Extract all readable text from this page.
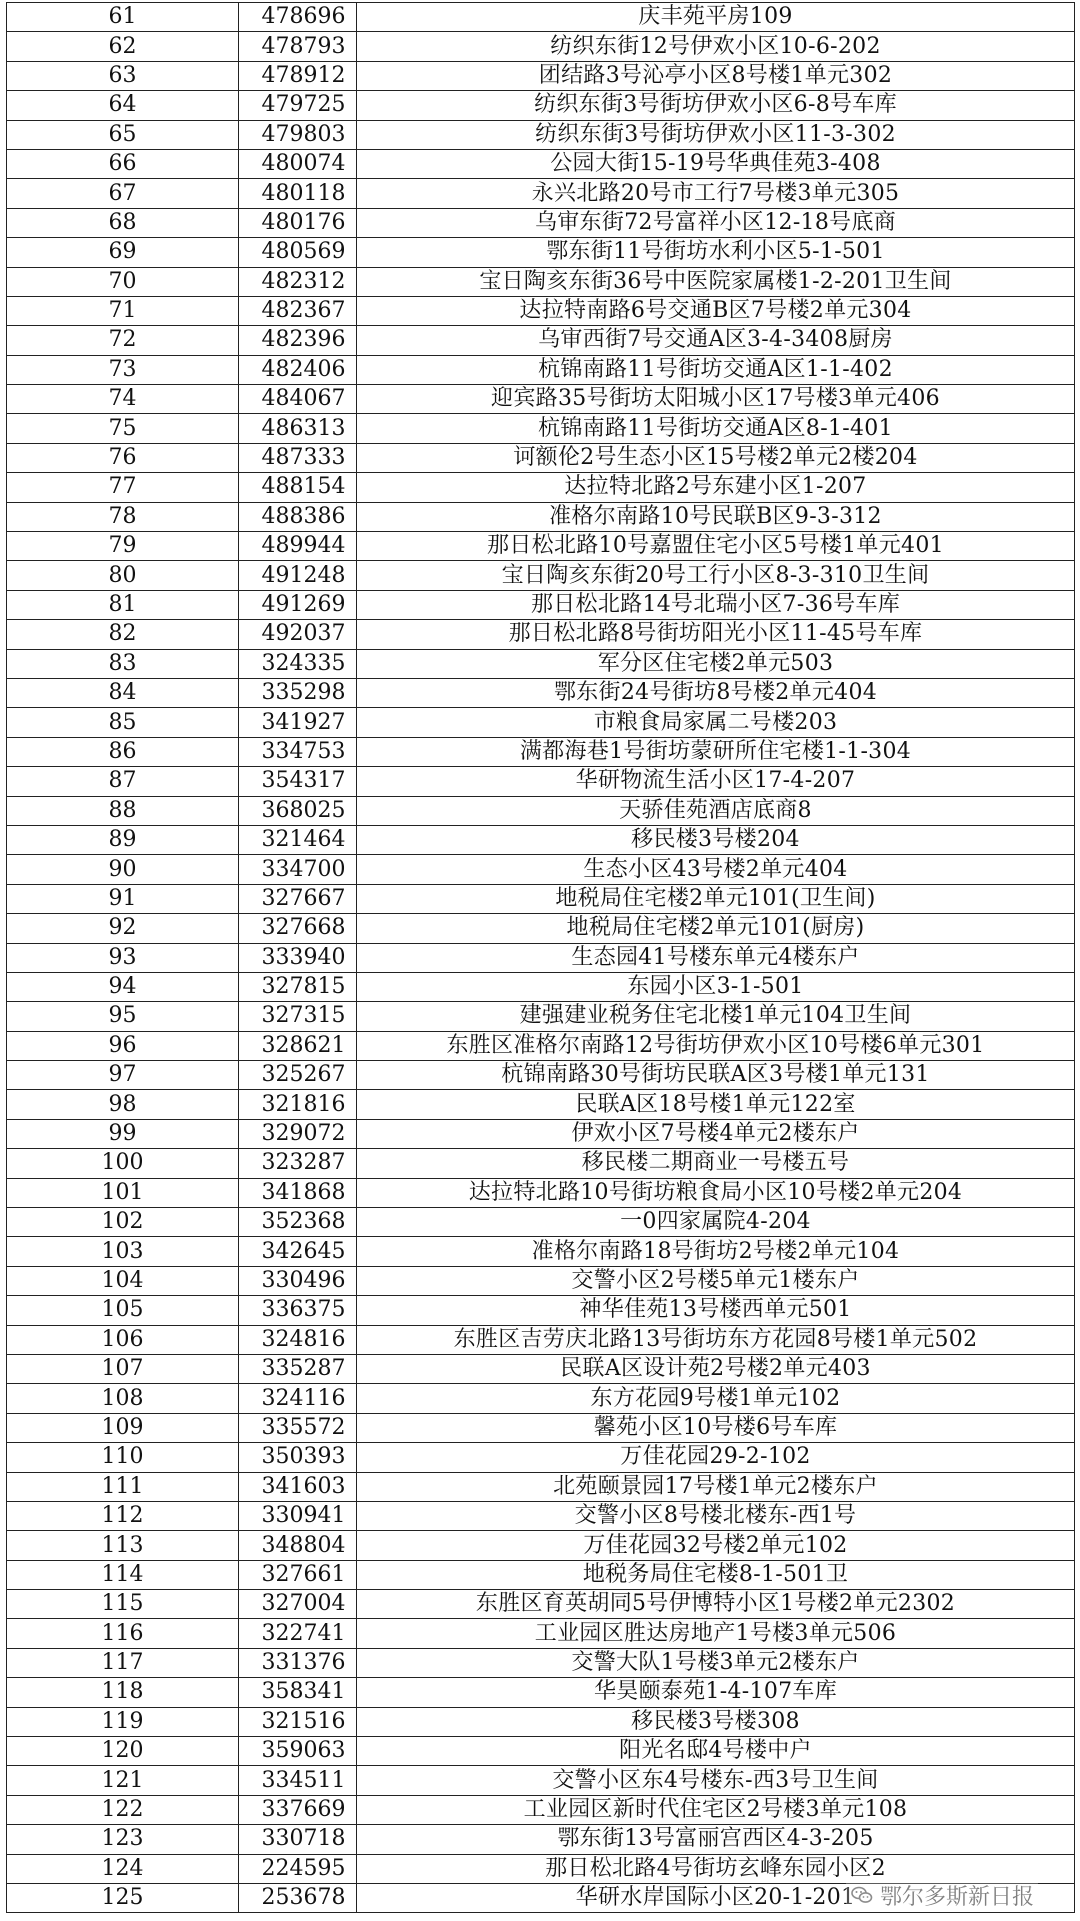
61	478696	庆丰苑平房109
62	478793	纺织东街12号伊欢小区10-6-202
63	478912	团结路3号沁亭小区8号楼1单元302
64	479725	纺织东街3号街坊伊欢小区6-8号车库
65	479803	纺织东街3号街坊伊欢小区11-3-302
66	480074	公园大街15-19号华典佳苑3-408
67	480118	永兴北路20号市工行7号楼3单元305
68	480176	乌审东街72号富祥小区12-18号底商
69	480569	鄂东街11号街坊水利小区5-1-501
70	482312	宝日陶亥东街36号中医院家属楼1-2-201卫生间
71	482367	达拉特南路6号交通B区7号楼2单元304
72	482396	乌审西街7号交通A区3-4-3408厨房
73	482406	杭锦南路11号街坊交通A区1-1-402
74	484067	迎宾路35号街坊太阳城小区17号楼3单元406
75	486313	杭锦南路11号街坊交通A区8-1-401
76	487333	诃额伦2号生态小区15号楼2单元2楼204
77	488154	达拉特北路2号东建小区1-207
78	488386	准格尔南路10号民联B区9-3-312
79	489944	那日松北路10号嘉盟住宅小区5号楼1单元401
80	491248	宝日陶亥东街20号工行小区8-3-310卫生间
81	491269	那日松北路14号北瑞小区7-36号车库
82	492037	那日松北路8号街坊阳光小区11-45号车库
83	324335	军分区住宅楼2单元503
84	335298	鄂东街24号街坊8号楼2单元404
85	341927	市粮食局家属二号楼203
86	334753	满都海巷1号街坊蒙研所住宅楼1-1-304
87	354317	华研物流生活小区17-4-207
88	368025	天骄佳苑酒店底商8
89	321464	移民楼3号楼204
90	334700	生态小区43号楼2单元404
91	327667	地税局住宅楼2单元101(卫生间)
92	327668	地税局住宅楼2单元101(厨房)
93	333940	生态园41号楼东单元4楼东户
94	327815	东园小区3-1-501
95	327315	建强建业税务住宅北楼1单元104卫生间
96	328621	东胜区准格尔南路12号街坊伊欢小区10号楼6单元301
97	325267	杭锦南路30号街坊民联A区3号楼1单元131
98	321816	民联A区18号楼1单元122室
99	329072	伊欢小区7号楼4单元2楼东户
100	323287	移民楼二期商业一号楼五号
101	341868	达拉特北路10号街坊粮食局小区10号楼2单元204
102	352368	一0四家属院4-204
103	342645	准格尔南路18号街坊2号楼2单元104
104	330496	交警小区2号楼5单元1楼东户
105	336375	神华佳苑13号楼西单元501
106	324816	东胜区吉劳庆北路13号街坊东方花园8号楼1单元502
107	335287	民联A区设计苑2号楼2单元403
108	324116	东方花园9号楼1单元102
109	335572	馨苑小区10号楼6号车库
110	350393	万佳花园29-2-102
111	341603	北苑颐景园17号楼1单元2楼东户
112	330941	交警小区8号楼北楼东-西1号
113	348804	万佳花园32号楼2单元102
114	327661	地税务局住宅楼8-1-501卫
115	327004	东胜区育英胡同5号伊博特小区1号楼2单元2302
116	322741	工业园区胜达房地产1号楼3单元506
117	331376	交警大队1号楼3单元2楼东户
118	358341	华昊颐泰苑1-4-107车库
119	321516	移民楼3号楼308
120	359063	阳光名邸4号楼中户
121	334511	交警小区东4号楼东-西3号卫生间
122	337669	工业园区新时代住宅区2号楼3单元108
123	330718	鄂东街13号富丽宫西区4-3-205
124	224595	那日松北路4号街坊玄峰东园小区2
125	253678	华研水岸国际小区20-1-201 鄂尔多斯新日报
